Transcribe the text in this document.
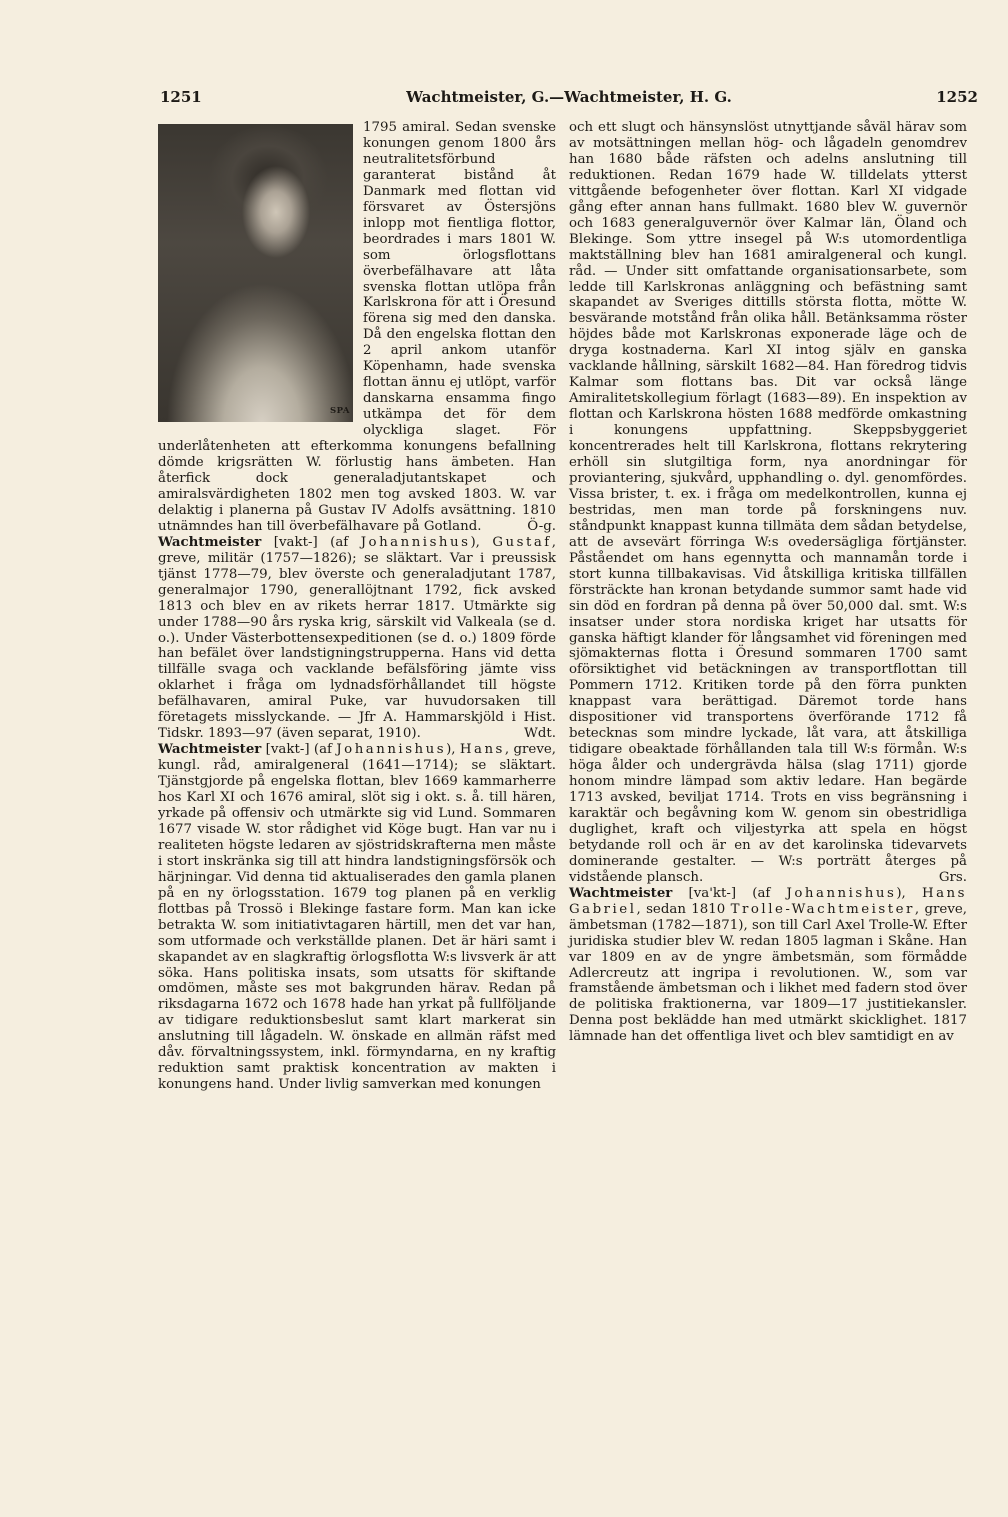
1251	Wachtmeister, G.—Wachtmeister, H. G.	1252

SPA
1795 amiral. Sedan svenske konungen genom 1800 års neutralitetsförbund garanterat bistånd åt Danmark med flottan vid försvaret av Östersjöns inlopp mot fientliga flottor, beordrades i mars 1801 W. som örlogsflottans överbefälhavare att låta svenska flottan utlöpa från Karlskrona för att i Öresund förena sig med den danska. Då den engelska flottan den 2 april ankom utanför Köpenhamn, hade svenska flottan ännu ej utlöpt, varför danskarna ensamma fingo utkämpa det för dem olyckliga slaget. För underlåtenheten att efterkomma konungens befallning dömde krigsrätten W. förlustig hans ämbeten. Han återfick dock generaladjutantskapet och amiralsvärdigheten 1802 men tog avsked 1803. W. var delaktig i planerna på Gustav IV Adolfs avsättning. 1810 utnämndes han till överbefälhavare på Gotland.	Ö-g.

Wachtmeister [vakt-] (af Johannishus), Gustaf, greve, militär (1757—1826); se släktart. Var i preussisk tjänst 1778—79, blev överste och generaladjutant 1787, generalmajor 1790, generallöjtnant 1792, fick avsked 1813 och blev en av rikets herrar 1817. Utmärkte sig under 1788—90 års ryska krig, särskilt vid Valkeala (se d. o.). Under Västerbottensexpeditionen (se d. o.) 1809 förde han befälet över landstigningstrupperna. Hans vid detta tillfälle svaga och vacklande befälsföring jämte viss oklarhet i fråga om lydnadsförhållandet till högste befälhavaren, amiral Puke, var huvudorsaken till företagets misslyckande. — Jfr A. Hammarskjöld i Hist. Tidskr. 1893—97 (även separat, 1910).	Wdt.

Wachtmeister [vakt-] (af Johannishus), Hans, greve, kungl. råd, amiralgeneral (1641—1714); se släktart. Tjänstgjorde på engelska flottan, blev 1669 kammarherre hos Karl XI och 1676 amiral, slöt sig i okt. s. å. till hären, yrkade på offensiv och utmärkte sig vid Lund. Sommaren 1677 visade W. stor rådighet vid Köge bugt. Han var nu i realiteten högste ledaren av sjöstridskrafterna men måste i stort inskränka sig till att hindra landstigningsförsök och härjningar. Vid denna tid aktualiserades den gamla planen på en ny örlogsstation. 1679 tog planen på en verklig flottbas på Trossö i Blekinge fastare form. Man kan icke betrakta W. som initiativtagaren härtill, men det var han, som utformade och verkställde planen. Det är häri samt i skapandet av en slagkraftig örlogsflotta W:s livsverk är att söka. Hans politiska insats, som utsatts för skiftande omdömen, måste ses mot bakgrunden härav. Redan på riksdagarna 1672 och 1678 hade han yrkat på fullföljande av tidigare reduktionsbeslut samt klart markerat sin anslutning till lågadeln. W. önskade en allmän räfst med dåv. förvaltningssystem, inkl. förmyndarna, en ny kraftig reduktion samt praktisk koncentration av makten i konungens hand. Under livlig samverkan med konungen

och ett slugt och hänsynslöst utnyttjande såväl härav som av motsättningen mellan hög- och lågadeln genomdrev han 1680 både räfsten och adelns anslutning till reduktionen. Redan 1679 hade W. tilldelats ytterst vittgående befogenheter över flottan. Karl XI vidgade gång efter annan hans fullmakt. 1680 blev W. guvernör och 1683 generalguvernör över Kalmar län, Öland och Blekinge. Som yttre insegel på W:s utomordentliga maktställning blev han 1681 amiralgeneral och kungl. råd. — Under sitt omfattande organisationsarbete, som ledde till Karlskronas anläggning och befästning samt skapandet av Sveriges dittills största flotta, mötte W. besvärande motstånd från olika håll. Betänksamma röster höjdes både mot Karlskronas exponerade läge och de dryga kostnaderna. Karl XI intog själv en ganska vacklande hållning, särskilt 1682—84. Han föredrog tidvis Kalmar som flottans bas. Dit var också länge Amiralitetskollegium förlagt (1683—89). En inspektion av flottan och Karlskrona hösten 1688 medförde omkastning i konungens uppfattning. Skeppsbyggeriet koncentrerades helt till Karlskrona, flottans rekrytering erhöll sin slutgiltiga form, nya anordningar för proviantering, sjukvård, upphandling o. dyl. genomfördes. Vissa brister, t. ex. i fråga om medelkontrollen, kunna ej bestridas, men man torde på forskningens nuv. ståndpunkt knappast kunna tillmäta dem sådan betydelse, att de avsevärt förringa W:s ovedersägliga förtjänster. Påståendet om hans egennytta och mannamån torde i stort kunna tillbakavisas. Vid åtskilliga kritiska tillfällen försträckte han kronan betydande summor samt hade vid sin död en fordran på denna på över 50,000 dal. smt. W:s insatser under stora nordiska kriget har utsatts för ganska häftigt klander för långsamhet vid föreningen med sjömakternas flotta i Öresund sommaren 1700 samt oförsiktighet vid betäckningen av transportflottan till Pommern 1712. Kritiken torde på den förra punkten knappast vara berättigad. Däremot torde hans dispositioner vid transportens överförande 1712 få betecknas som mindre lyckade, låt vara, att åtskilliga tidigare obeaktade förhållanden tala till W:s förmån. W:s höga ålder och undergrävda hälsa (slag 1711) gjorde honom mindre lämpad som aktiv ledare. Han begärde 1713 avsked, beviljat 1714. Trots en viss begränsning i karaktär och begåvning kom W. genom sin obestridliga duglighet, kraft och viljestyrka att spela en högst betydande roll och är en av det karolinska tidevarvets dominerande gestalter. — W:s porträtt återges på vidstående plansch.	Grs.

Wachtmeister [va'kt-] (af Johannishus), Hans Gabriel, sedan 1810 Trolle-Wachtmeister, greve, ämbetsman (1782—1871), son till Carl Axel Trolle-W. Efter juridiska studier blev W. redan 1805 lagman i Skåne. Han var 1809 en av de yngre ämbetsmän, som förmådde Adlercreutz att ingripa i revolutionen. W., som var framstående ämbetsman och i likhet med fadern stod över de politiska fraktionerna, var 1809—17 justitiekansler. Denna post beklädde han med utmärkt skicklighet. 1817 lämnade han det offentliga livet och blev samtidigt en av
